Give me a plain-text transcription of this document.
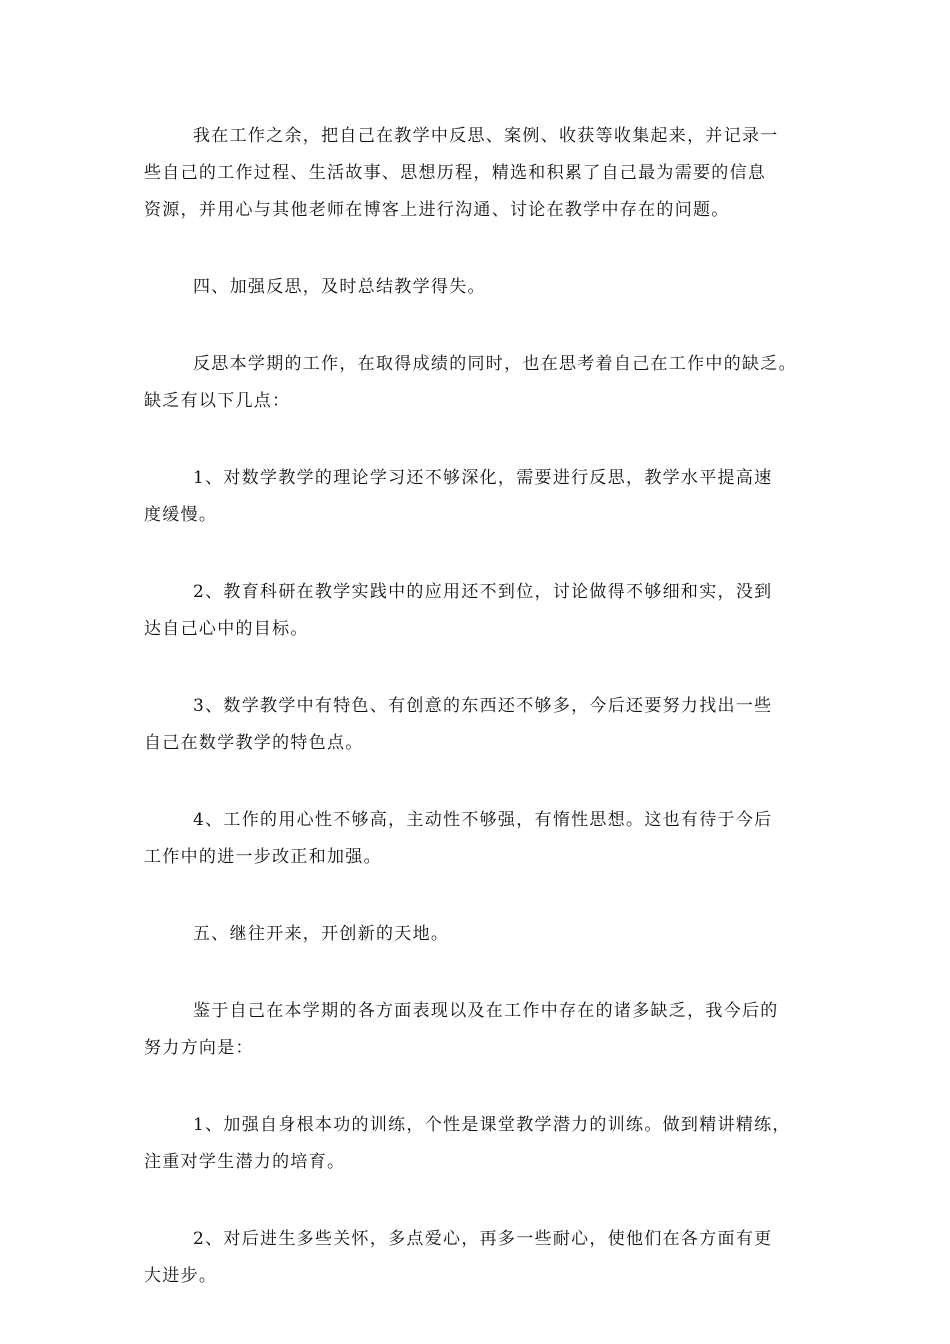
我在工作之余，把自己在教学中反思、案例、收获等收集起来，并记录一
些自己的工作过程、生活故事、思想历程，精选和积累了自己最为需要的信息
资源，并用心与其他老师在博客上进行沟通、讨论在教学中存在的问题。

四、加强反思，及时总结教学得失。

反思本学期的工作，在取得成绩的同时，也在思考着自己在工作中的缺乏。
缺乏有以下几点：

1、对数学教学的理论学习还不够深化，需要进行反思，教学水平提高速
度缓慢。

2、教育科研在教学实践中的应用还不到位，讨论做得不够细和实，没到
达自己心中的目标。

3、数学教学中有特色、有创意的东西还不够多，今后还要努力找出一些
自己在数学教学的特色点。

4、工作的用心性不够高，主动性不够强，有惰性思想。这也有待于今后
工作中的进一步改正和加强。

五、继往开来，开创新的天地。

鉴于自己在本学期的各方面表现以及在工作中存在的诸多缺乏，我今后的
努力方向是：

1、加强自身根本功的训练，个性是课堂教学潜力的训练。做到精讲精练，
注重对学生潜力的培育。

2、对后进生多些关怀，多点爱心，再多一些耐心，使他们在各方面有更
大进步。
